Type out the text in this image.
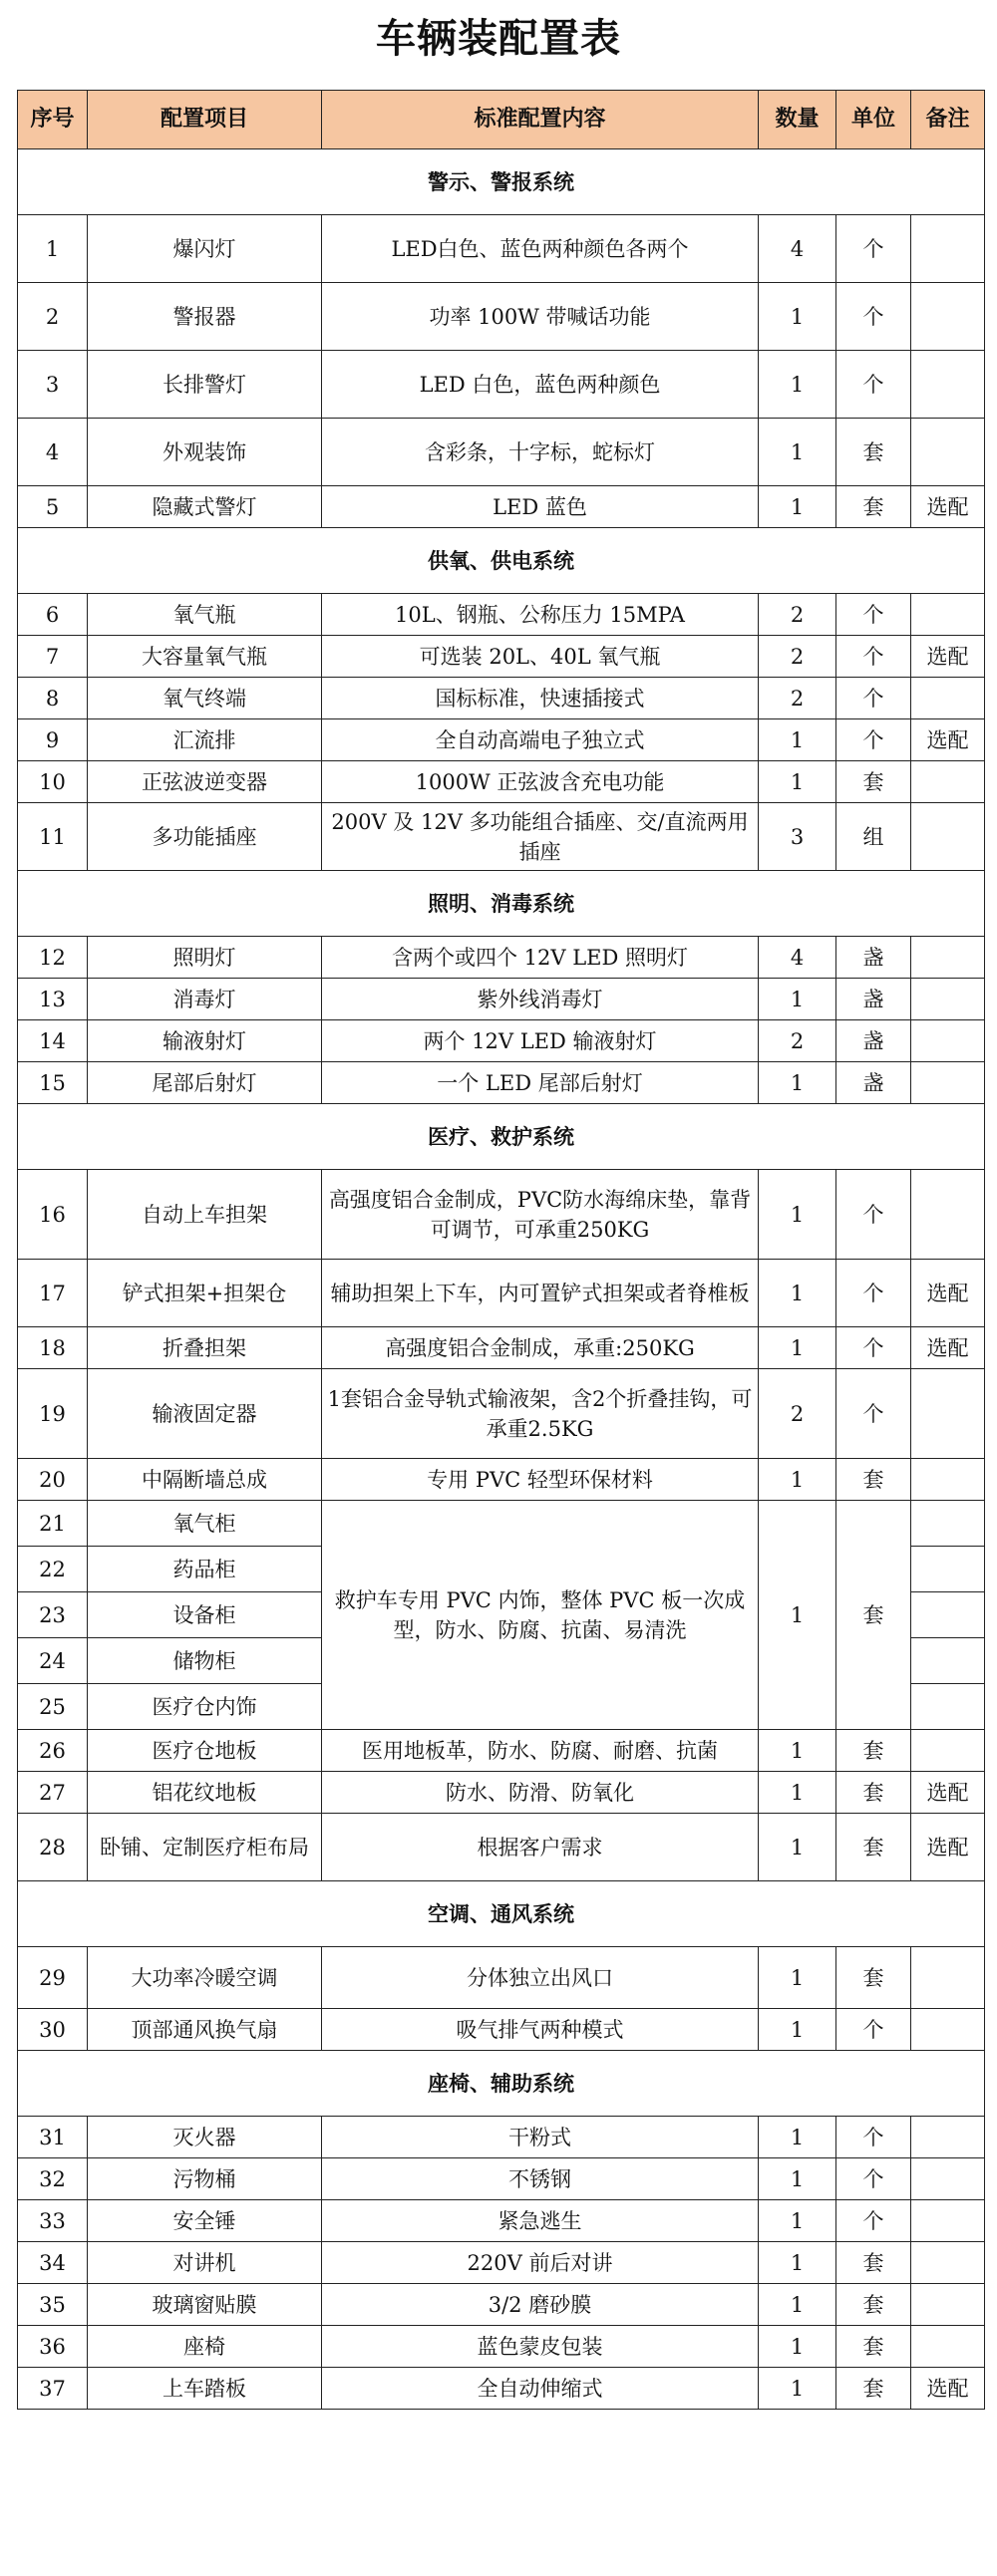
车辆装配置表
序号	配置项目	标准配置内容	数量	单位	备注
警示、警报系统					
1	爆闪灯	LED白色、蓝色两种颜色各两个	4	个	
2	警报器	功率 100W 带喊话功能	1	个	
3	长排警灯	LED 白色，蓝色两种颜色	1	个	
4	外观装饰	含彩条，十字标，蛇标灯	1	套	
5	隐藏式警灯	LED 蓝色	1	套	选配
供氧、供电系统					
6	氧气瓶	10L、钢瓶、公称压力 15MPA	2	个	
7	大容量氧气瓶	可选装 20L、40L 氧气瓶	2	个	选配
8	氧气终端	国标标准，快速插接式	2	个	
9	汇流排	全自动高端电子独立式	1	个	选配
10	正弦波逆变器	1000W 正弦波含充电功能	1	套	
11	多功能插座	200V 及 12V 多功能组合插座、交/直流两用插座	3	组	
照明、消毒系统					
12	照明灯	含两个或四个 12V LED 照明灯	4	盏	
13	消毒灯	紫外线消毒灯	1	盏	
14	输液射灯	两个 12V LED 输液射灯	2	盏	
15	尾部后射灯	一个 LED 尾部后射灯	1	盏	
医疗、救护系统					
16	自动上车担架	高强度铝合金制成，PVC防水海绵床垫，靠背可调节，可承重250KG	1	个	
17	铲式担架+担架仓	辅助担架上下车，内可置铲式担架或者脊椎板	1	个	选配
18	折叠担架	高强度铝合金制成，承重:250KG	1	个	选配
19	输液固定器	1套铝合金导轨式输液架，含2个折叠挂钩，可承重2.5KG	2	个	
20	中隔断墙总成	专用 PVC 轻型环保材料	1	套	
21	氧气柜	救护车专用 PVC 内饰，整体 PVC 板一次成型，防水、防腐、抗菌、易清洗	1	套	
22	药品柜				
23	设备柜				
24	储物柜				
25	医疗仓内饰				
26	医疗仓地板	医用地板革，防水、防腐、耐磨、抗菌	1	套	
27	铝花纹地板	防水、防滑、防氧化	1	套	选配
28	卧铺、定制医疗柜布局	根据客户需求	1	套	选配
空调、通风系统					
29	大功率冷暖空调	分体独立出风口	1	套	
30	顶部通风换气扇	吸气排气两种模式	1	个	
座椅、辅助系统					
31	灭火器	干粉式	1	个	
32	污物桶	不锈钢	1	个	
33	安全锤	紧急逃生	1	个	
34	对讲机	220V 前后对讲	1	套	
35	玻璃窗贴膜	3/2 磨砂膜	1	套	
36	座椅	蓝色蒙皮包装	1	套	
37	上车踏板	全自动伸缩式	1	套	选配
